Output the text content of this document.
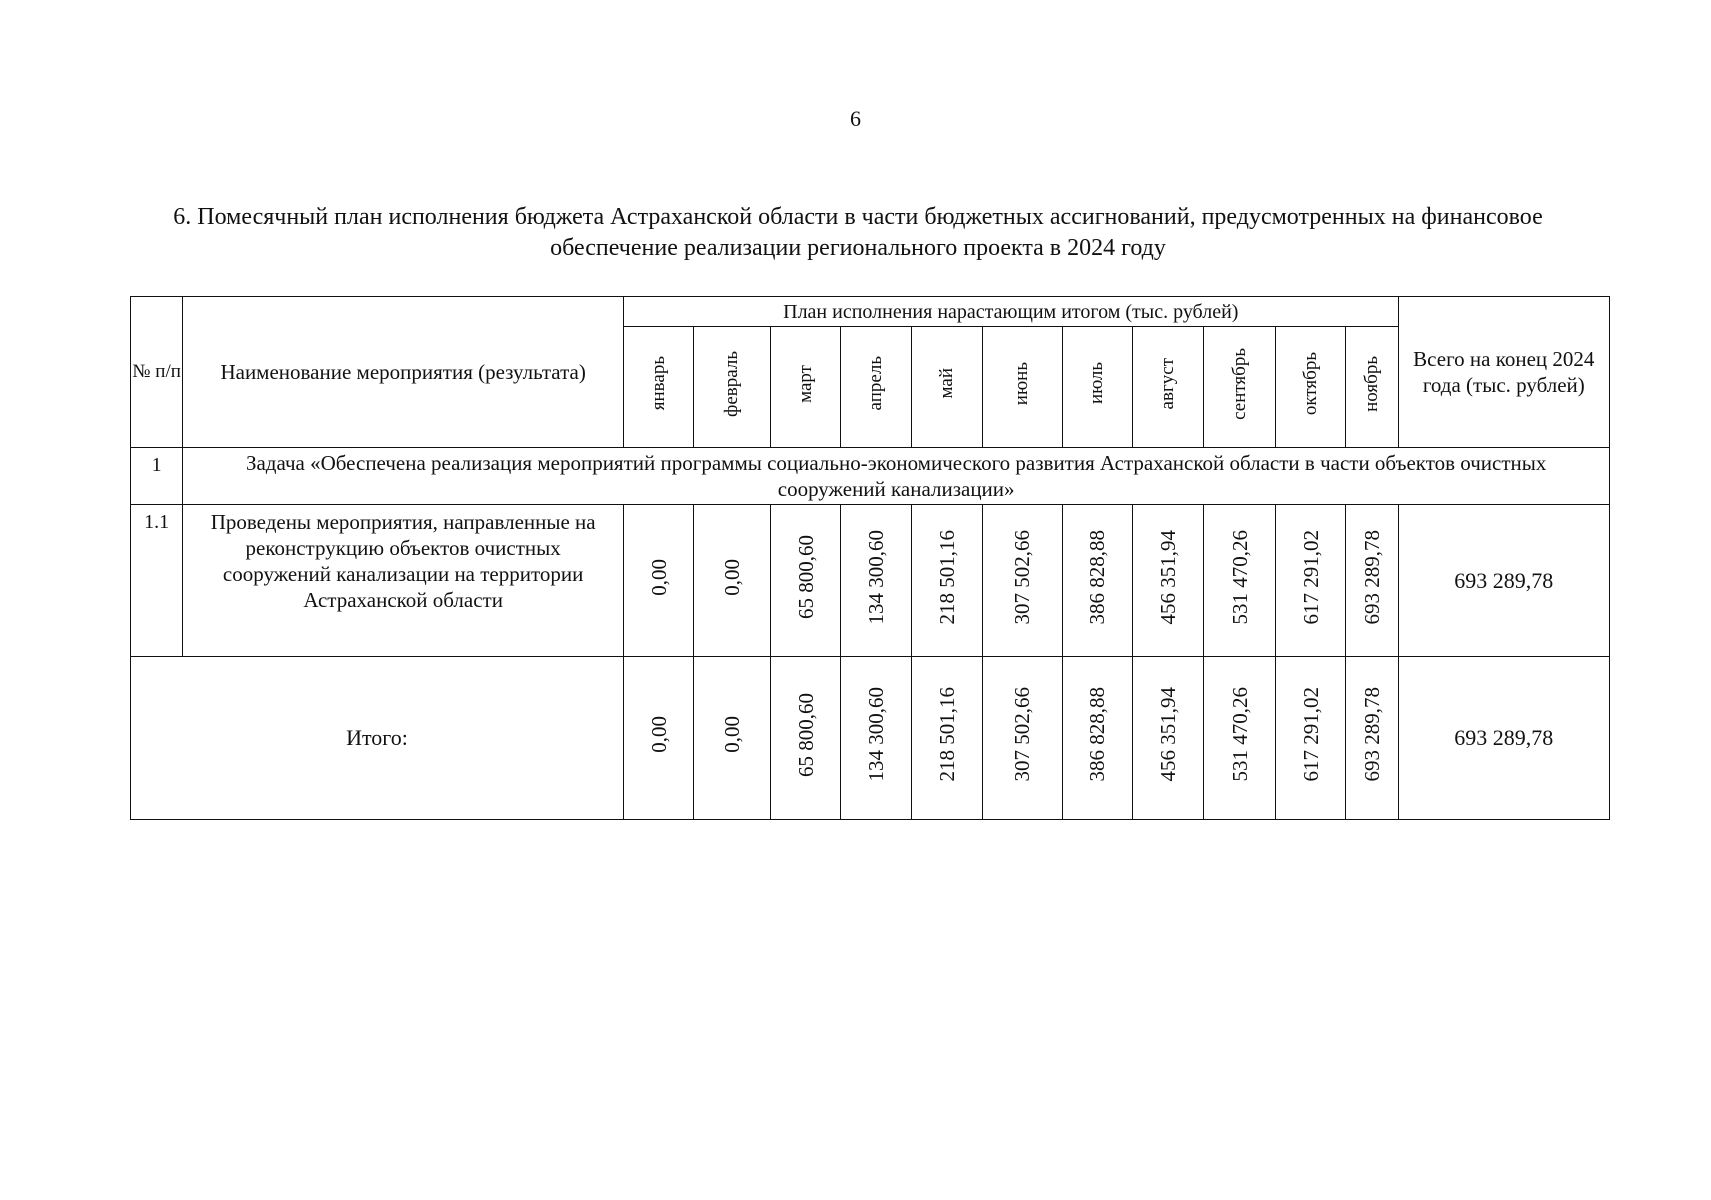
6
6. Помесячный план исполнения бюджета Астраханской области в части бюджетных ассигнований, предусмотренных на финансовое обеспечение реализации регионального проекта в 2024 году
№ п/п	Наименование мероприятия (результата)	План исполнения нарастающим итогом (тыс. рублей)											Всего на конец 2024 года (тыс. рублей)
		январь	февраль	март	апрель	май	июнь	июль	август	сентябрь	октябрь	ноябрь	
1	Задача «Обеспечена реализация мероприятий программы социально-экономического развития Астраханской области в части объектов очистных сооружений канализации»												
1.1	Проведены мероприятия, направленные на реконструкцию объектов очистных сооружений канализации на территории Астраханской области	0,00	0,00	65 800,60	134 300,60	218 501,16	307 502,66	386 828,88	456 351,94	531 470,26	617 291,02	693 289,78	693 289,78
Итого:		0,00	0,00	65 800,60	134 300,60	218 501,16	307 502,66	386 828,88	456 351,94	531 470,26	617 291,02	693 289,78	693 289,78
